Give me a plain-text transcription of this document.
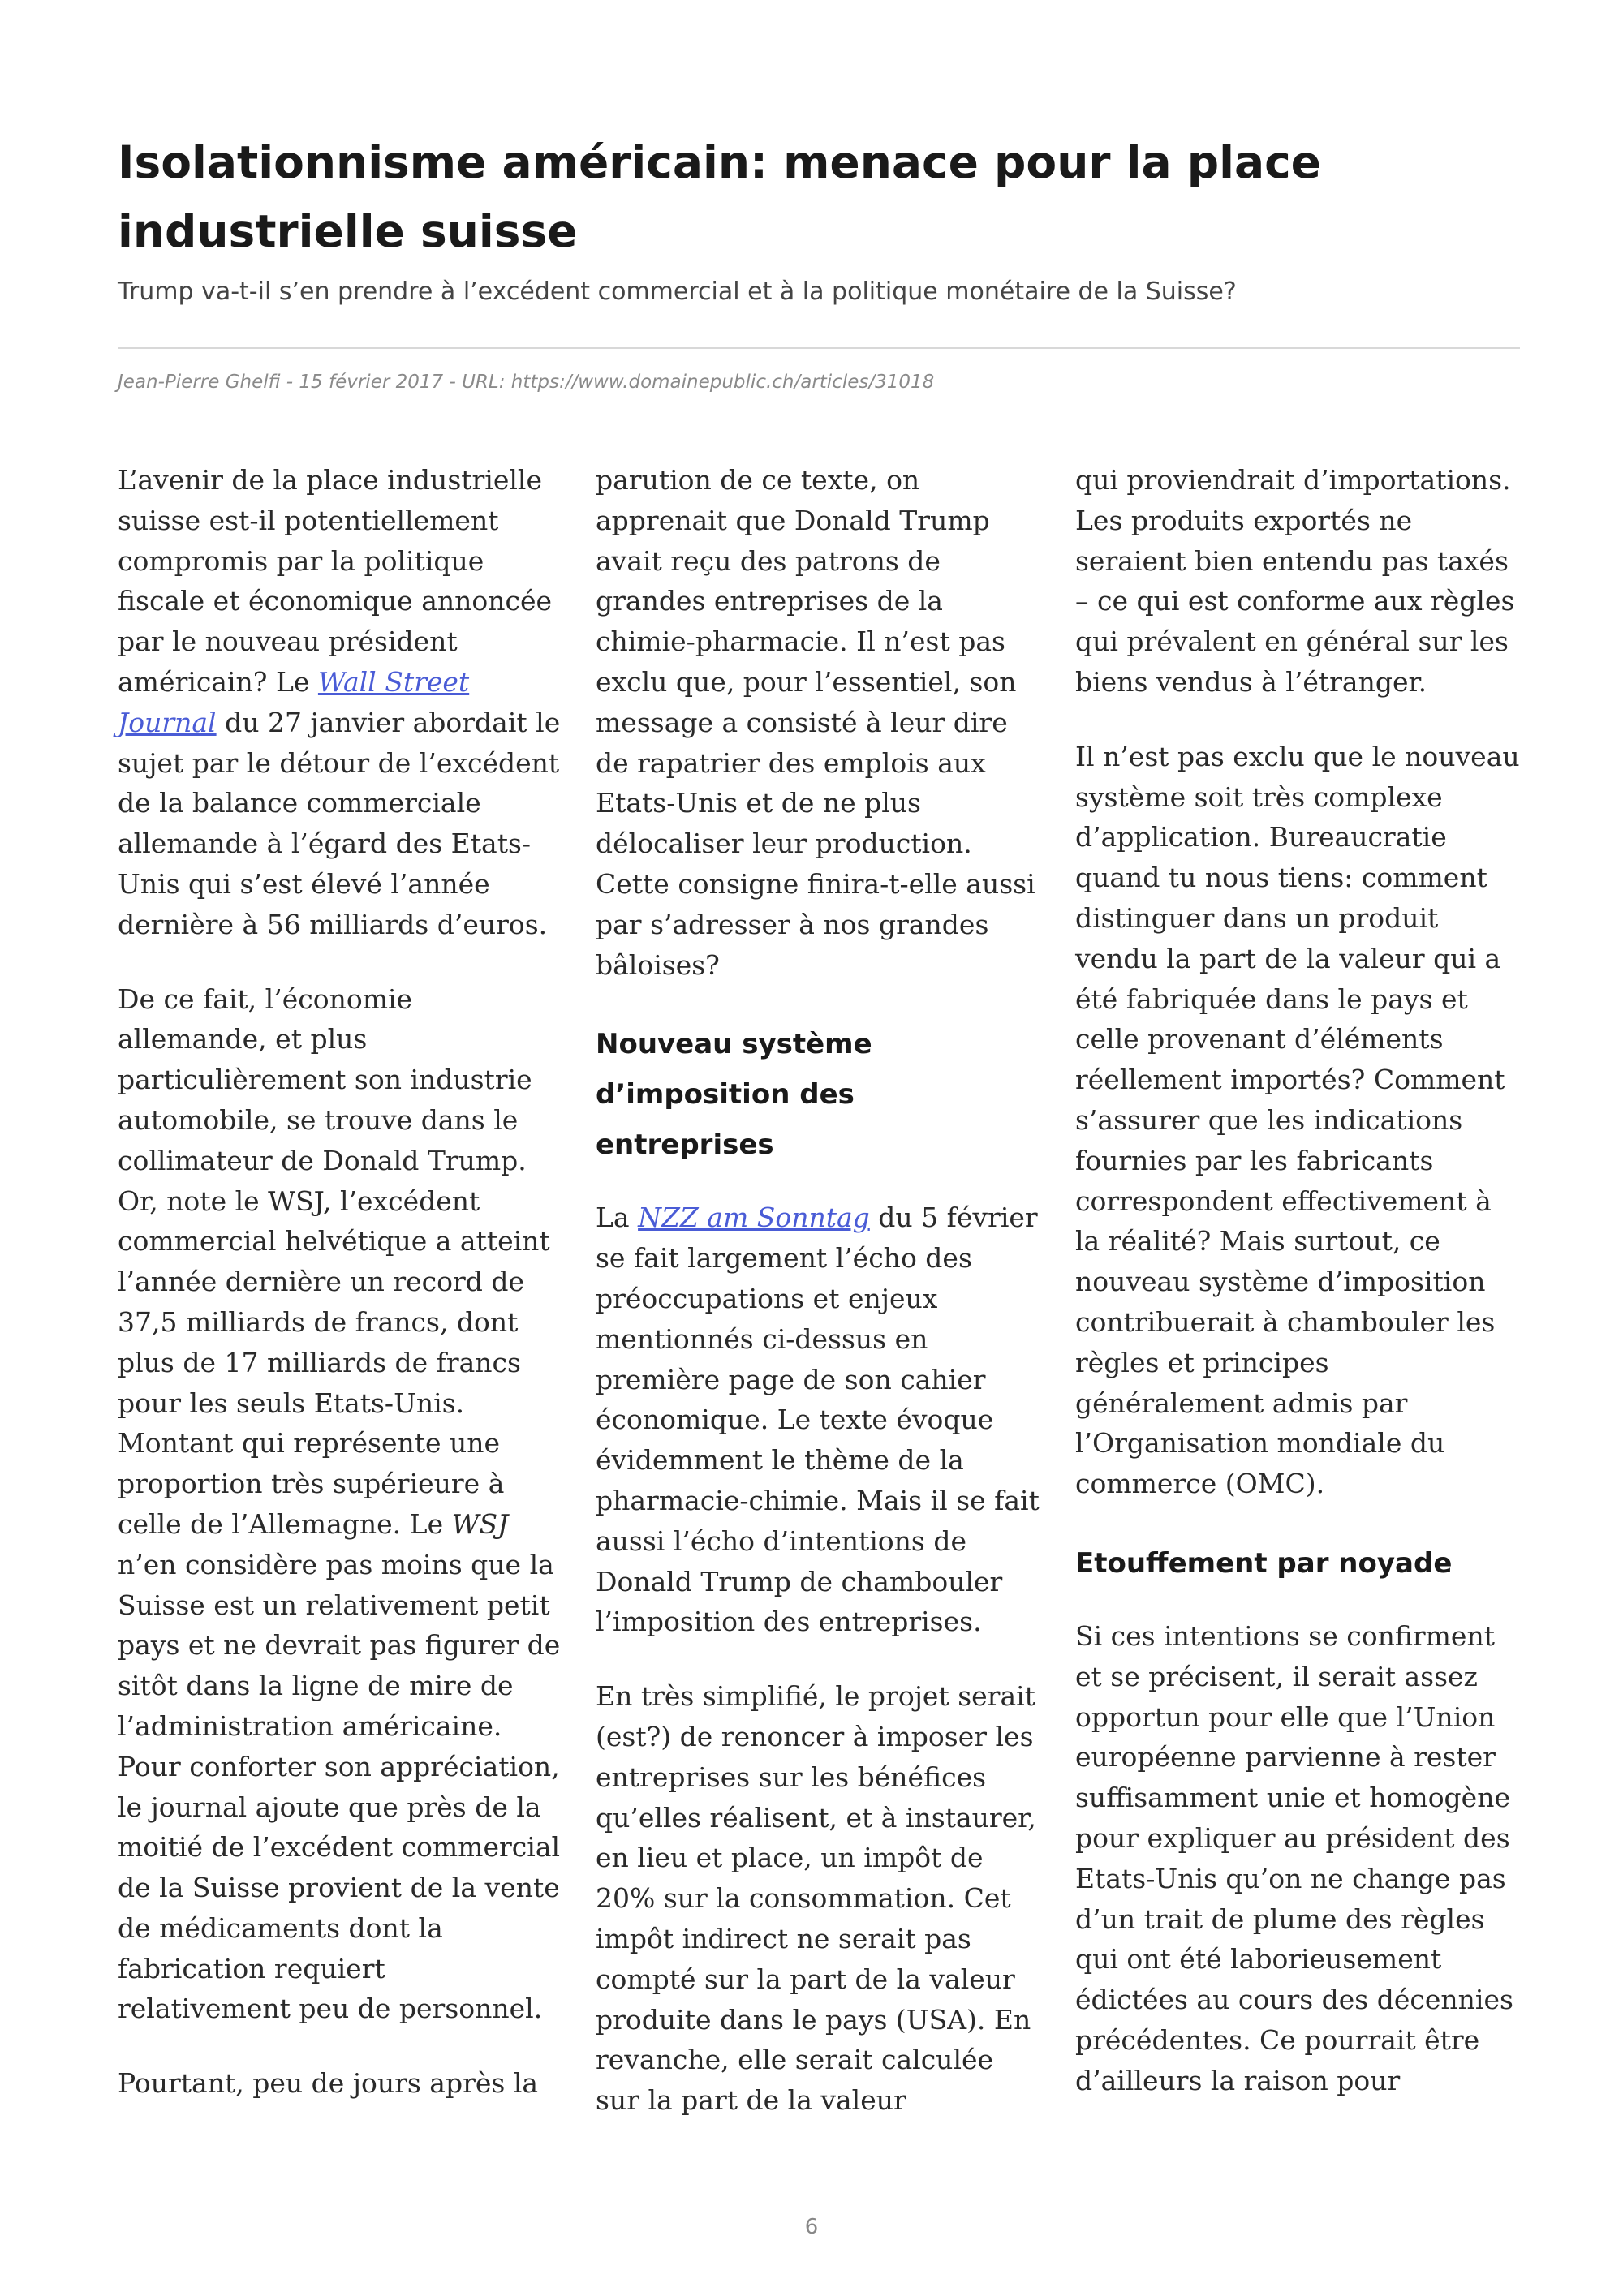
Isolationnisme américain: menace pour la place industrielle suisse

Trump va-t-il s’en prendre à l’excédent commercial et à la politique monétaire de la Suisse?

Jean-Pierre Ghelfi - 15 février 2017 - URL: https://www.domainepublic.ch/articles/31018

L’avenir de la place industrielle suisse est-il potentiellement compromis par la politique fiscale et économique annoncée par le nouveau président américain? Le Wall Street Journal du 27 janvier abordait le sujet par le détour de l’excédent de la balance commerciale allemande à l’égard des Etats-Unis qui s’est élevé l’année dernière à 56 milliards d’euros.

De ce fait, l’économie allemande, et plus particulièrement son industrie automobile, se trouve dans le collimateur de Donald Trump. Or, note le WSJ, l’excédent commercial helvétique a atteint l’année dernière un record de 37,5 milliards de francs, dont plus de 17 milliards de francs pour les seuls Etats-Unis. Montant qui représente une proportion très supérieure à celle de l’Allemagne. Le WSJ n’en considère pas moins que la Suisse est un relativement petit pays et ne devrait pas figurer de sitôt dans la ligne de mire de l’administration américaine. Pour conforter son appréciation, le journal ajoute que près de la moitié de l’excédent commercial de la Suisse provient de la vente de médicaments dont la fabrication requiert relativement peu de personnel.

Pourtant, peu de jours après la

parution de ce texte, on apprenait que Donald Trump avait reçu des patrons de grandes entreprises de la chimie-pharmacie. Il n’est pas exclu que, pour l’essentiel, son message a consisté à leur dire de rapatrier des emplois aux Etats-Unis et de ne plus délocaliser leur production. Cette consigne finira-t-elle aussi par s’adresser à nos grandes bâloises?

Nouveau système d’imposition des entreprises

La NZZ am Sonntag du 5 février se fait largement l’écho des préoccupations et enjeux mentionnés ci-dessus en première page de son cahier économique. Le texte évoque évidemment le thème de la pharmacie-chimie. Mais il se fait aussi l’écho d’intentions de Donald Trump de chambouler l’imposition des entreprises.

En très simplifié, le projet serait (est?) de renoncer à imposer les entreprises sur les bénéfices qu’elles réalisent, et à instaurer, en lieu et place, un impôt de 20% sur la consommation. Cet impôt indirect ne serait pas compté sur la part de la valeur produite dans le pays (USA). En revanche, elle serait calculée sur la part de la valeur

qui proviendrait d’importations. Les produits exportés ne seraient bien entendu pas taxés – ce qui est conforme aux règles qui prévalent en général sur les biens vendus à l’étranger.

Il n’est pas exclu que le nouveau système soit très complexe d’application. Bureaucratie quand tu nous tiens: comment distinguer dans un produit vendu la part de la valeur qui a été fabriquée dans le pays et celle provenant d’éléments réellement importés? Comment s’assurer que les indications fournies par les fabricants correspondent effectivement à la réalité? Mais surtout, ce nouveau système d’imposition contribuerait à chambouler les règles et principes généralement admis par l’Organisation mondiale du commerce (OMC).

Etouffement par noyade

Si ces intentions se confirment et se précisent, il serait assez opportun pour elle que l’Union européenne parvienne à rester suffisamment unie et homogène pour expliquer au président des Etats-Unis qu’on ne change pas d’un trait de plume des règles qui ont été laborieusement édictées au cours des décennies précédentes. Ce pourrait être d’ailleurs la raison pour

6
